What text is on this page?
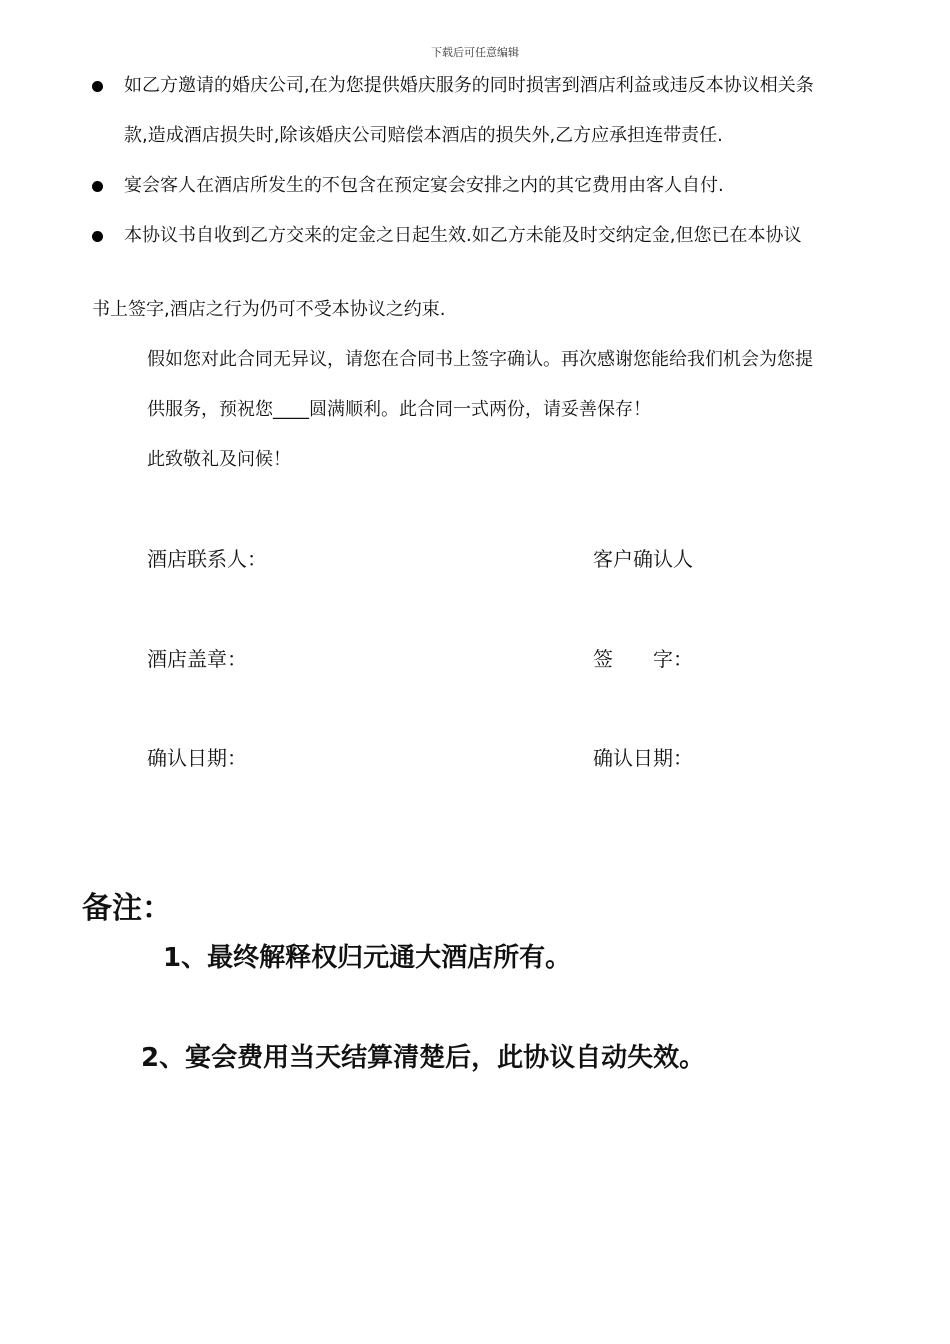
下载后可任意编辑
如乙方邀请的婚庆公司,在为您提供婚庆服务的同时损害到酒店利益或违反本协议相关条
款,造成酒店损失时,除该婚庆公司赔偿本酒店的损失外,乙方应承担连带责任.
宴会客人在酒店所发生的不包含在预定宴会安排之内的其它费用由客人自付.
本协议书自收到乙方交来的定金之日起生效.如乙方未能及时交纳定金,但您已在本协议
书上签字,酒店之行为仍可不受本协议之约束.
假如您对此合同无异议，请您在合同书上签字确认。再次感谢您能给我们机会为您提
供服务，预祝您____圆满顺利。此合同一式两份，请妥善保存！
此致敬礼及问候！
酒店联系人：	客户确认人
酒店盖章：	签　　字：
确认日期：	确认日期：
备注：
1、最终解释权归元通大酒店所有。
2、宴会费用当天结算清楚后，此协议自动失效。
